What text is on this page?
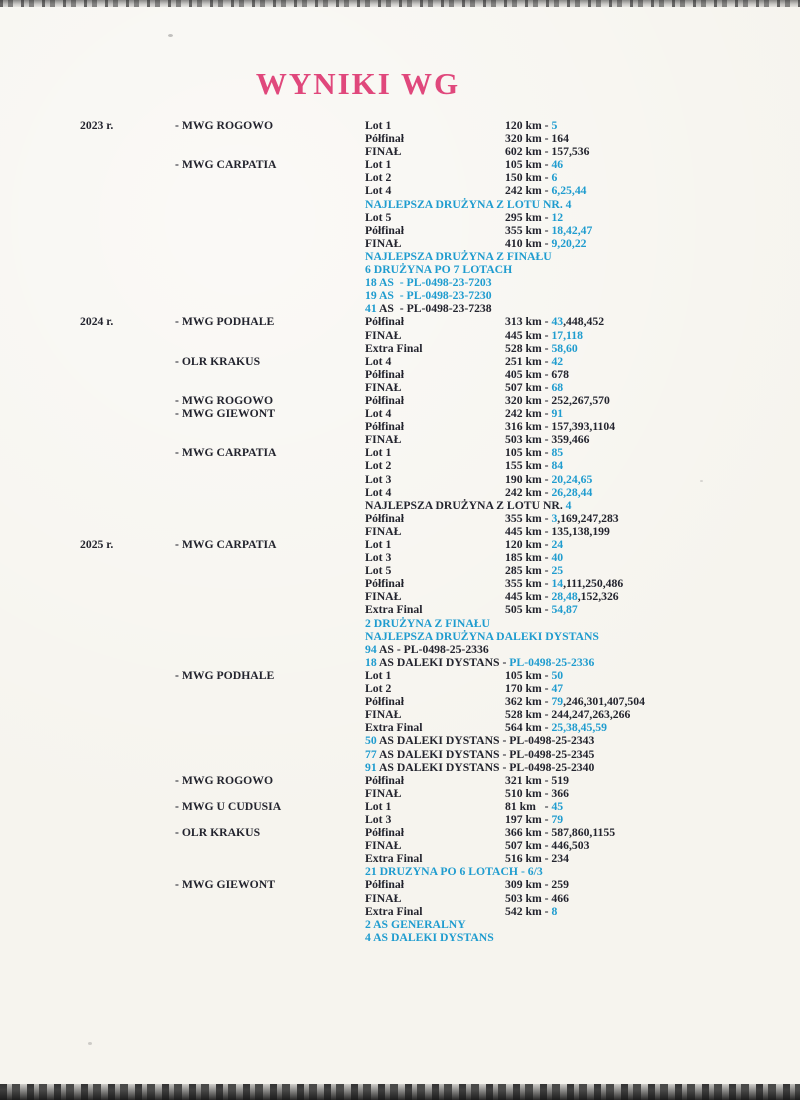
WYNIKI WG
2023 r.	- MWG ROGOWO	Lot 1	120 km - 5
Półfinał	320 km - 164
FINAŁ	602 km - 157,536
- MWG CARPATIA	Lot 1	105 km - 46
Lot 2	150 km - 6
Lot 4	242 km - 6,25,44
NAJLEPSZA DRUŻYNA Z LOTU NR. 4
Lot 5	295 km - 12
Półfinał	355 km - 18,42,47
FINAŁ	410 km - 9,20,22
NAJLEPSZA DRUŻYNA Z FINAŁU
6 DRUŻYNA PO 7 LOTACH
18 AS  - PL-0498-23-7203
19 AS  - PL-0498-23-7230
41 AS  - PL-0498-23-7238
2024 r.	- MWG PODHALE	Półfinał	313 km - 43,448,452
FINAŁ	445 km - 17,118
Extra Final	528 km - 58,60
- OLR KRAKUS	Lot 4	251 km - 42
Półfinał	405 km - 678
FINAŁ	507 km - 68
- MWG ROGOWO	Półfinał	320 km - 252,267,570
- MWG GIEWONT	Lot 4	242 km - 91
Półfinał	316 km - 157,393,1104
FINAŁ	503 km - 359,466
- MWG CARPATIA	Lot 1	105 km - 85
Lot 2	155 km - 84
Lot 3	190 km - 20,24,65
Lot 4	242 km - 26,28,44
NAJLEPSZA DRUŻYNA Z LOTU NR. 4
Półfinał	355 km - 3,169,247,283
FINAŁ	445 km - 135,138,199
2025 r.	- MWG CARPATIA	Lot 1	120 km - 24
Lot 3	185 km - 40
Lot 5	285 km - 25
Półfinał	355 km - 14,111,250,486
FINAŁ	445 km - 28,48,152,326
Extra Final	505 km - 54,87
2 DRUŻYNA Z FINAŁU
NAJLEPSZA DRUŻYNA DALEKI DYSTANS
94 AS - PL-0498-25-2336
18 AS DALEKI DYSTANS - PL-0498-25-2336
- MWG PODHALE	Lot 1	105 km - 50
Lot 2	170 km - 47
Półfinał	362 km - 79,246,301,407,504
FINAŁ	528 km - 244,247,263,266
Extra Final	564 km - 25,38,45,59
50 AS DALEKI DYSTANS - PL-0498-25-2343
77 AS DALEKI DYSTANS - PL-0498-25-2345
91 AS DALEKI DYSTANS - PL-0498-25-2340
- MWG ROGOWO	Półfinał	321 km - 519
FINAŁ	510 km - 366
- MWG U CUDUSIA	Lot 1	81 km   - 45
Lot 3	197 km - 79
- OLR KRAKUS	Półfinał	366 km - 587,860,1155
FINAŁ	507 km - 446,503
Extra Final	516 km - 234
21 DRUZYNA PO 6 LOTACH - 6/3
- MWG GIEWONT	Półfinał	309 km - 259
FINAŁ	503 km - 466
Extra Final	542 km - 8
2 AS GENERALNY
4 AS DALEKI DYSTANS
